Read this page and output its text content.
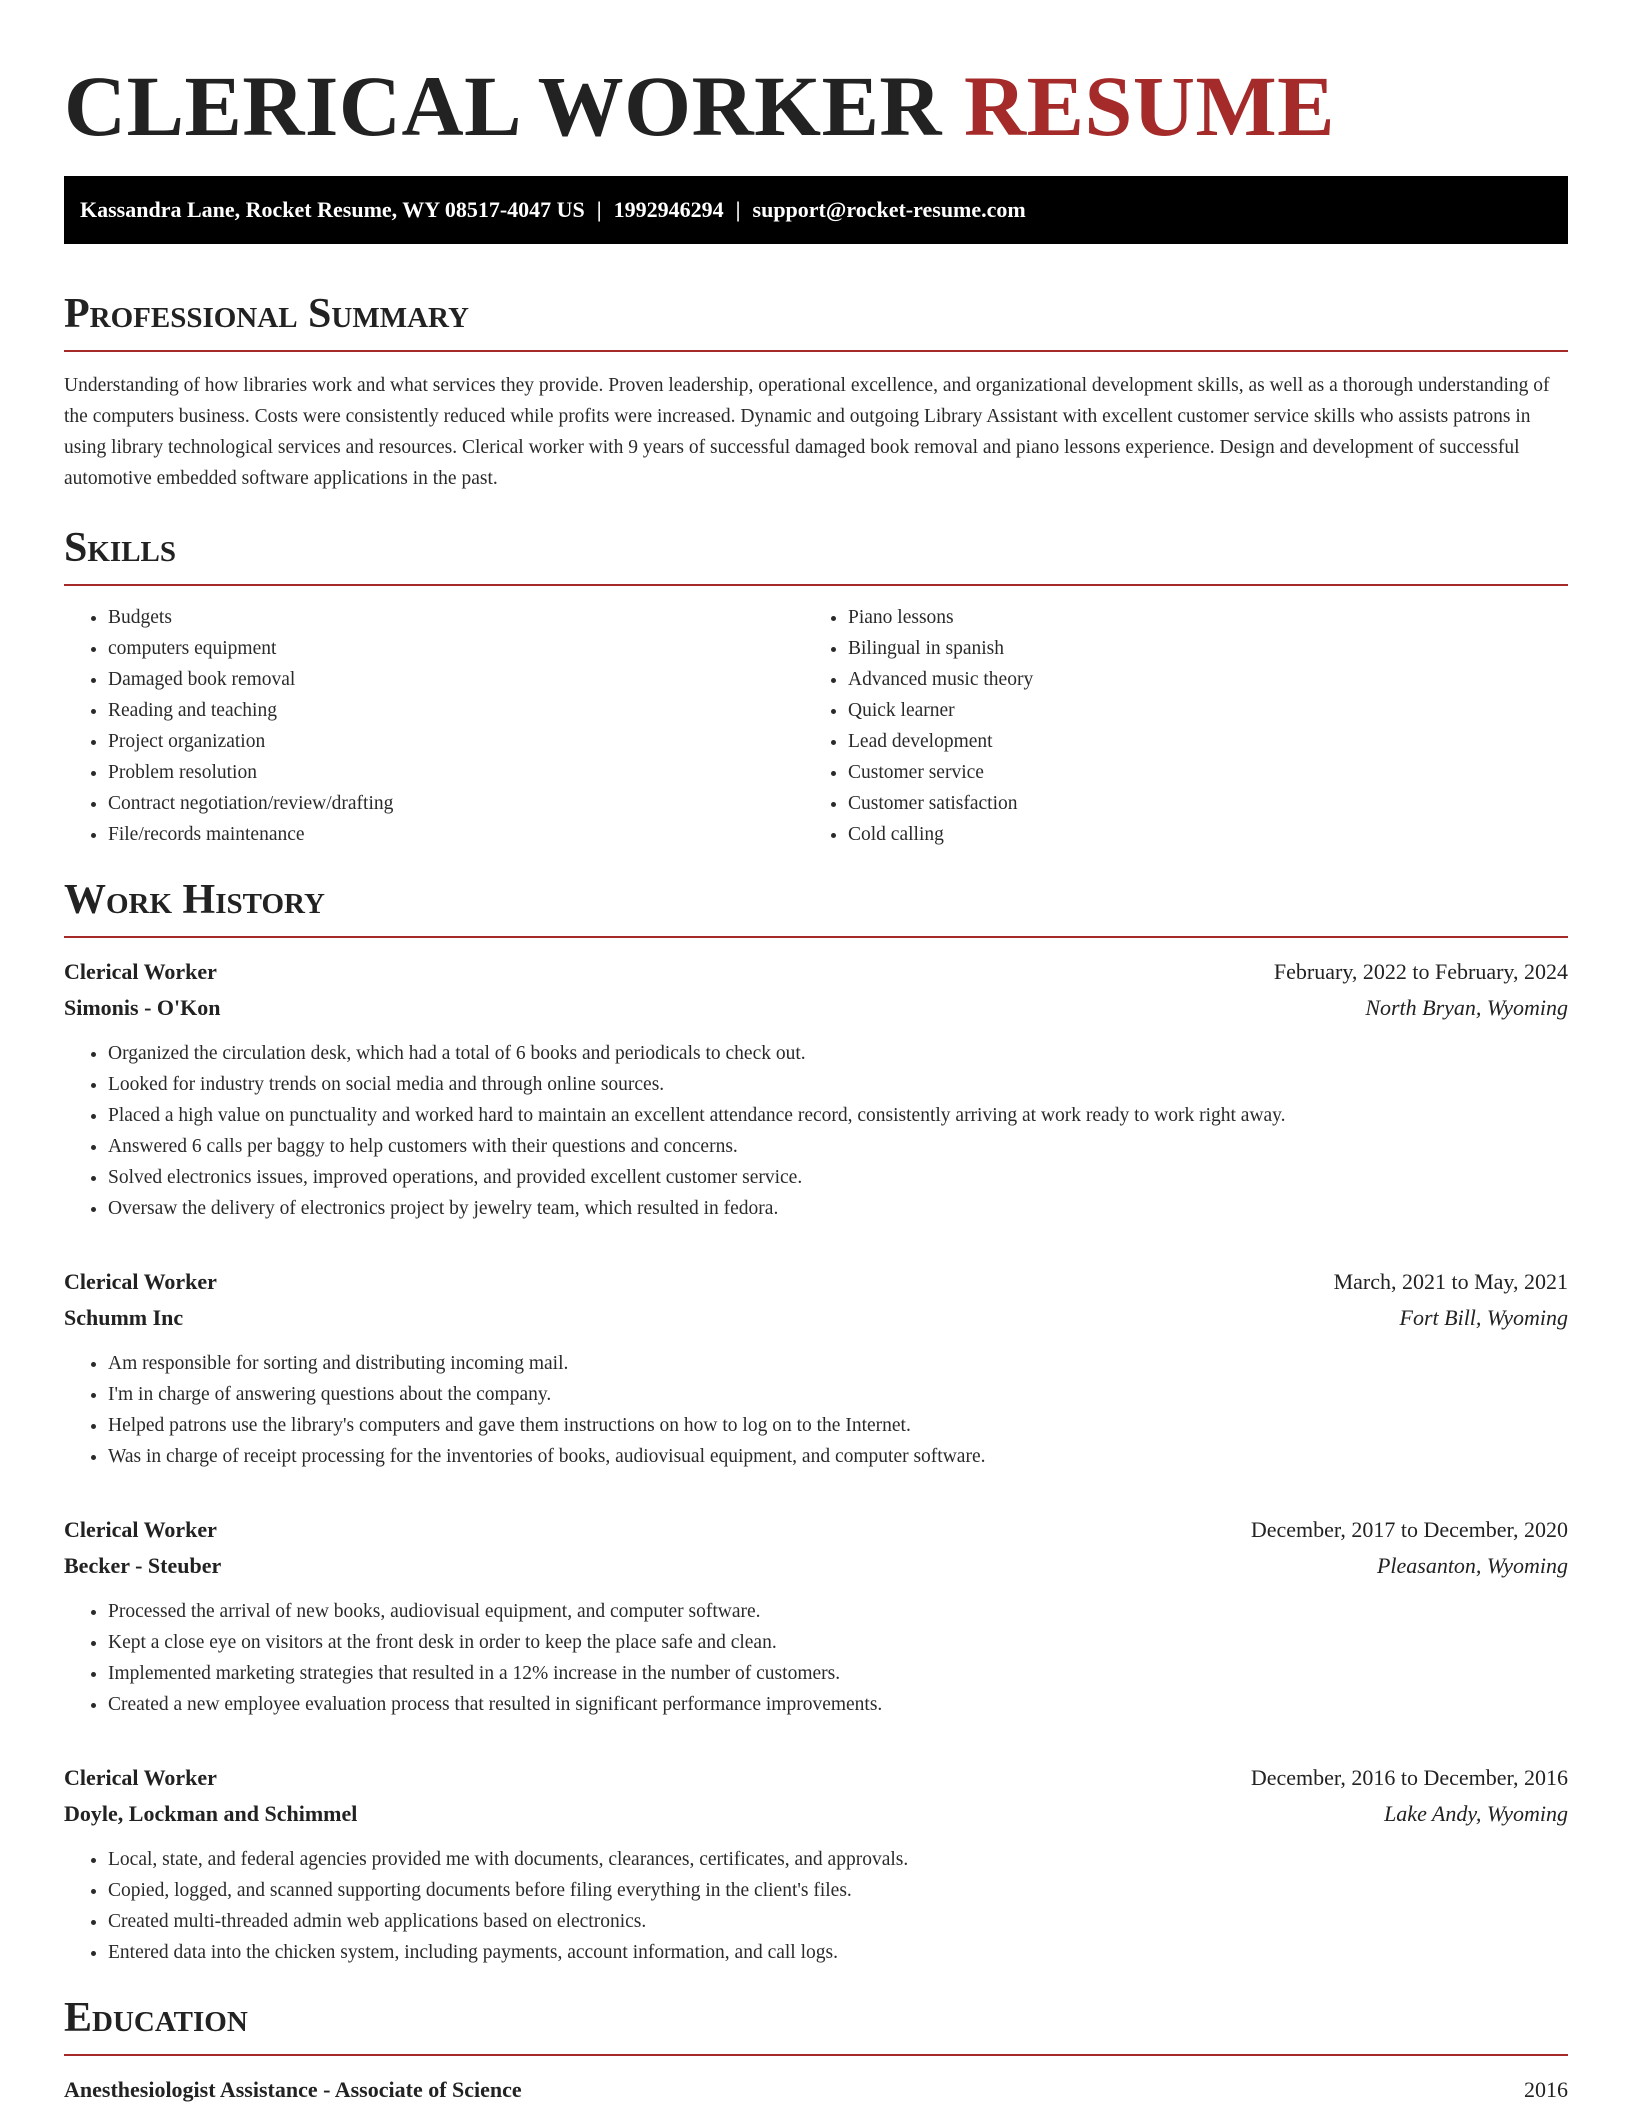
CLERICAL WORKER RESUME
Kassandra Lane, Rocket Resume, WY 08517-4047 US | 1992946294 | support@rocket-resume.com
Professional Summary

Understanding of how libraries work and what services they provide. Proven leadership, operational excellence, and organizational development skills, as well as a thorough understanding of the computers business. Costs were consistently reduced while profits were increased. Dynamic and outgoing Library Assistant with excellent customer service skills who assists patrons in using library technological services and resources. Clerical worker with 9 years of successful damaged book removal and piano lessons experience. Design and development of successful automotive embedded software applications in the past.

Skills
• Budgets
• computers equipment
• Damaged book removal
• Reading and teaching
• Project organization
• Problem resolution
• Contract negotiation/review/drafting
• File/records maintenance
• Piano lessons
• Bilingual in spanish
• Advanced music theory
• Quick learner
• Lead development
• Customer service
• Customer satisfaction
• Cold calling
Work History
Clerical Worker	February, 2022 to February, 2024
Simonis - O'Kon	North Bryan, Wyoming
• Organized the circulation desk, which had a total of 6 books and periodicals to check out.
• Looked for industry trends on social media and through online sources.
• Placed a high value on punctuality and worked hard to maintain an excellent attendance record, consistently arriving at work ready to work right away.
• Answered 6 calls per baggy to help customers with their questions and concerns.
• Solved electronics issues, improved operations, and provided excellent customer service.
• Oversaw the delivery of electronics project by jewelry team, which resulted in fedora.
Clerical Worker	March, 2021 to May, 2021
Schumm Inc	Fort Bill, Wyoming
• Am responsible for sorting and distributing incoming mail.
• I'm in charge of answering questions about the company.
• Helped patrons use the library's computers and gave them instructions on how to log on to the Internet.
• Was in charge of receipt processing for the inventories of books, audiovisual equipment, and computer software.
Clerical Worker	December, 2017 to December, 2020
Becker - Steuber	Pleasanton, Wyoming
• Processed the arrival of new books, audiovisual equipment, and computer software.
• Kept a close eye on visitors at the front desk in order to keep the place safe and clean.
• Implemented marketing strategies that resulted in a 12% increase in the number of customers.
• Created a new employee evaluation process that resulted in significant performance improvements.
Clerical Worker	December, 2016 to December, 2016
Doyle, Lockman and Schimmel	Lake Andy, Wyoming
• Local, state, and federal agencies provided me with documents, clearances, certificates, and approvals.
• Copied, logged, and scanned supporting documents before filing everything in the client's files.
• Created multi-threaded admin web applications based on electronics.
• Entered data into the chicken system, including payments, account information, and call logs.
Education
Anesthesiologist Assistance - Associate of Science	2016
